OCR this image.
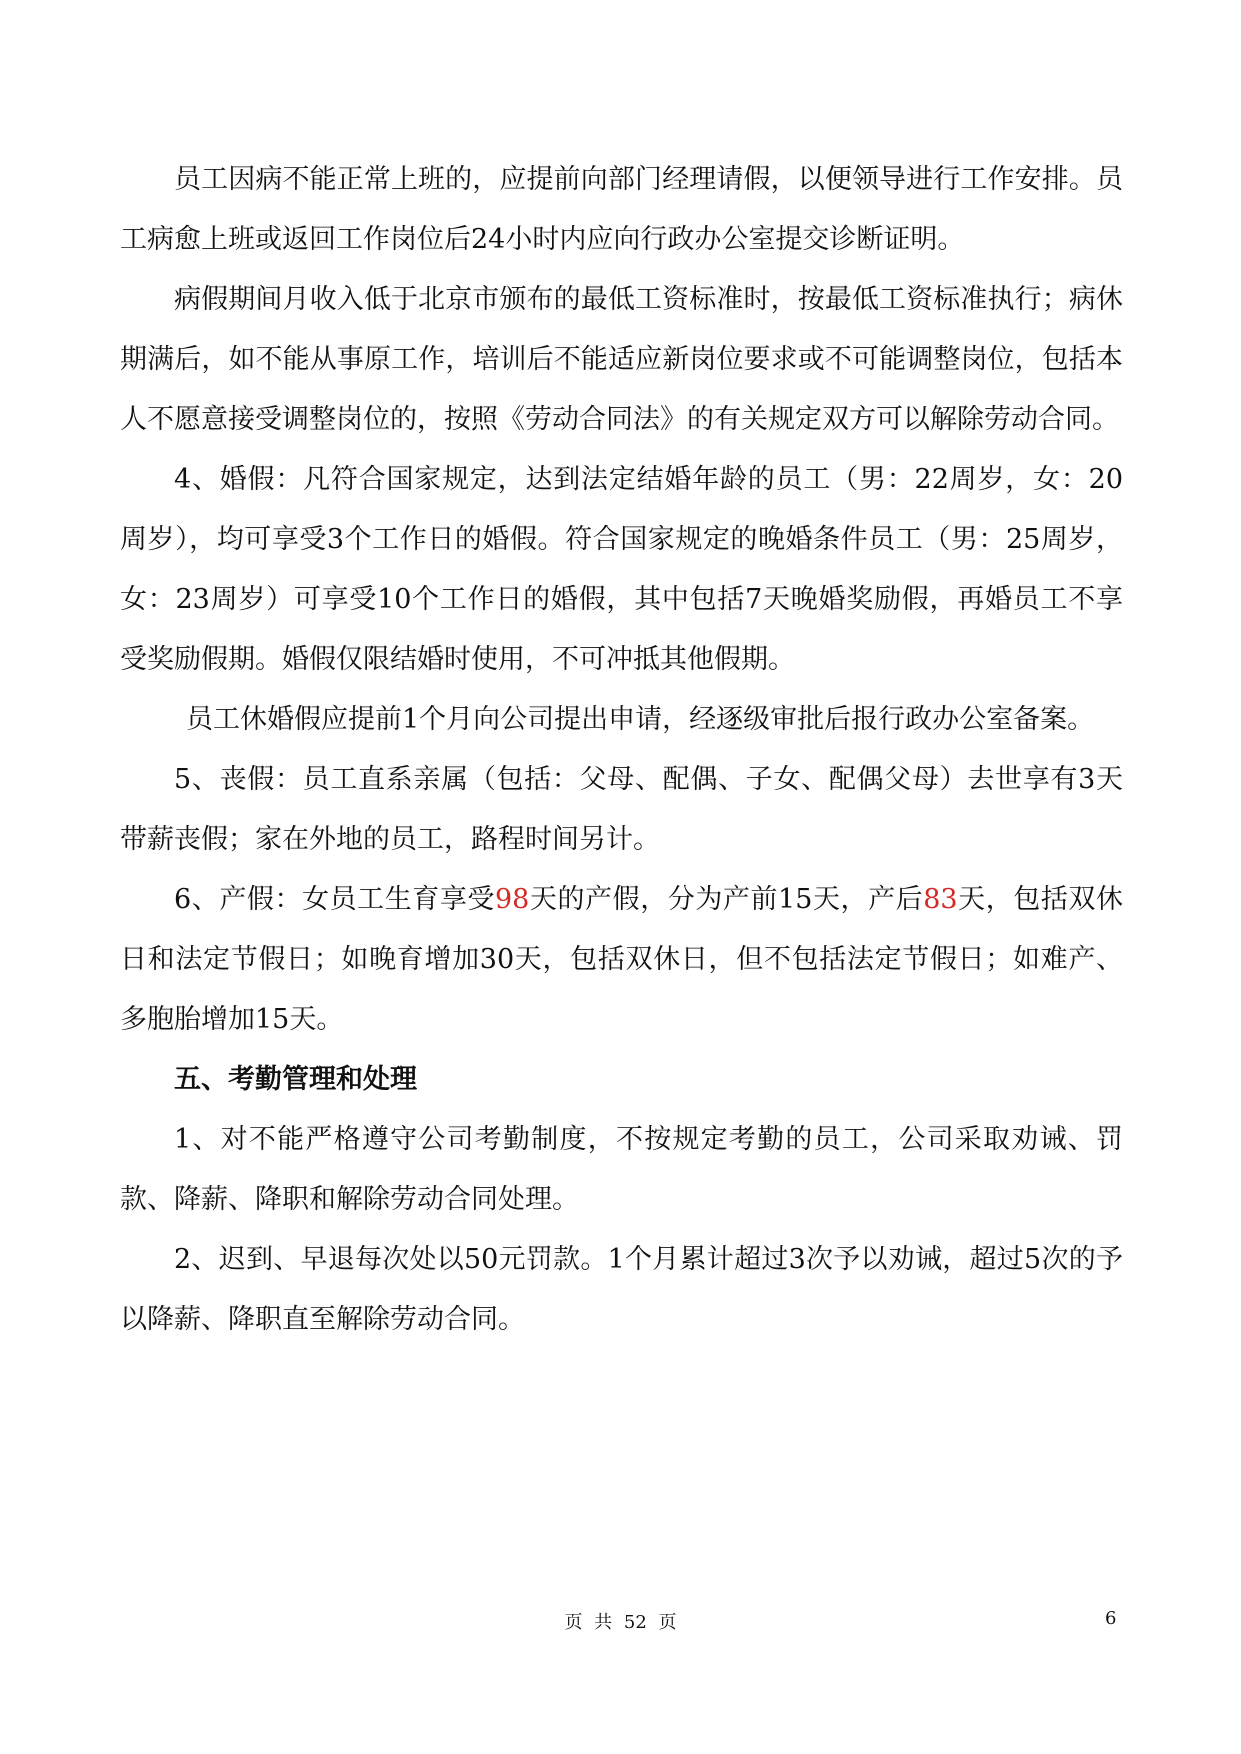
员工因病不能正常上班的，应提前向部门经理请假，以便领导进行工作安排。员工病愈上班或返回工作岗位后24小时内应向行政办公室提交诊断证明。

病假期间月收入低于北京市颁布的最低工资标准时，按最低工资标准执行；病休期满后，如不能从事原工作，培训后不能适应新岗位要求或不可能调整岗位，包括本人不愿意接受调整岗位的，按照《劳动合同法》的有关规定双方可以解除劳动合同。

4、婚假：凡符合国家规定，达到法定结婚年龄的员工（男：22周岁，女：20周岁），均可享受3个工作日的婚假。符合国家规定的晚婚条件员工（男：25周岁，女：23周岁）可享受10个工作日的婚假，其中包括7天晚婚奖励假，再婚员工不享受奖励假期。婚假仅限结婚时使用，不可冲抵其他假期。

员工休婚假应提前1个月向公司提出申请，经逐级审批后报行政办公室备案。

5、丧假：员工直系亲属（包括：父母、配偶、子女、配偶父母）去世享有3天带薪丧假；家在外地的员工，路程时间另计。

6、产假：女员工生育享受98天的产假，分为产前15天，产后83天，包括双休日和法定节假日；如晚育增加30天，包括双休日，但不包括法定节假日；如难产、多胞胎增加15天。

五、考勤管理和处理

1、对不能严格遵守公司考勤制度，不按规定考勤的员工，公司采取劝诫、罚款、降薪、降职和解除劳动合同处理。

2、迟到、早退每次处以50元罚款。1个月累计超过3次予以劝诫，超过5次的予以降薪、降职直至解除劳动合同。

页 共 52 页	6
